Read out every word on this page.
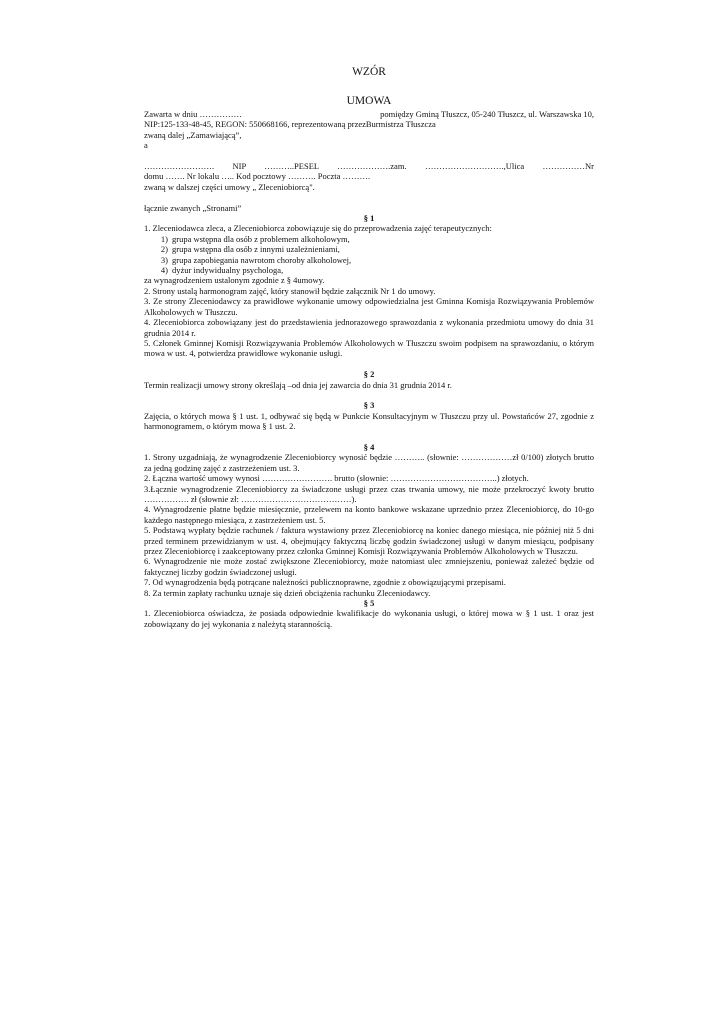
WZÓR
UMOWA
Zawarta w dniu ……………	pomiędzy Gminą Tłuszcz, 05-240 Tłuszcz, ul. Warszawska 10,

NIP:125-133-48-45, REGON: 550668166, reprezentowaną przezBurmistrza Tłuszcza

zwaną dalej „Zamawiającą”,

a

……………………. NIP ………..PESEL ……………….zam. ……………………….,Ulica ……………Nr

domu ……. Nr lokalu ….. Kod pocztowy ………. Poczta ……….

zwaną w dalszej części umowy „ Zleceniobiorcą".

łącznie zwanych „Stronami”

§ 1

1. Zleceniodawca zleca, a Zleceniobiorca zobowiązuje się do przeprowadzenia zajęć terapeutycznych:

1) grupa wstępna dla osób z problemem alkoholowym,
2) grupa wstępna dla osób z innymi uzależnieniami,
3) grupa zapobiegania nawrotom choroby alkoholowej,
4) dyżur indywidualny psychologa,

za wynagrodzeniem ustalonym zgodnie z § 4umowy.

2. Strony ustalą harmonogram zajęć, który stanowił będzie załącznik Nr 1 do umowy.

3. Ze strony Zleceniodawcy za prawidłowe wykonanie umowy odpowiedzialna jest Gminna Komisja Rozwiązywania Problemów Alkoholowych w Tłuszczu.

4. Zleceniobiorca zobowiązany jest do przedstawienia jednorazowego sprawozdania z wykonania przedmiotu umowy do dnia 31 grudnia 2014 r.

5. Członek Gminnej Komisji Rozwiązywania Problemów Alkoholowych w Tłuszczu swoim podpisem na sprawozdaniu, o którym mowa w ust. 4, potwierdza prawidłowe wykonanie usługi.

§ 2

Termin realizacji umowy strony określają –od dnia jej zawarcia do dnia 31 grudnia 2014 r.

§ 3

Zajęcia, o których mowa § 1 ust. 1, odbywać się będą w Punkcie Konsultacyjnym w Tłuszczu przy ul. Powstańców 27, zgodnie z harmonogramem, o którym mowa § 1 ust. 2.

§ 4

1. Strony uzgadniają, że wynagrodzenie Zleceniobiorcy wynosić będzie ……….. (słownie: ………………zł 0/100) złotych brutto za jedną godzinę zajęć z zastrzeżeniem ust. 3.

2. Łączna wartość umowy wynosi ……………………. brutto (słownie: ………………………………..) złotych.

3.Łącznie wynagrodzenie Zleceniobiorcy za świadczone usługi przez czas trwania umowy, nie może przekroczyć kwoty brutto ……………. zł (słownie zł: …………………………………).

4. Wynagrodzenie płatne będzie miesięcznie, przelewem na konto bankowe wskazane uprzednio przez Zleceniobiorcę, do 10-go każdego następnego miesiąca, z zastrzeżeniem ust. 5.

5. Podstawą wypłaty będzie rachunek / faktura wystawiony przez Zleceniobiorcę na koniec danego miesiąca, nie później niż 5 dni przed terminem przewidzianym w ust. 4, obejmujący faktyczną liczbę godzin świadczonej usługi w danym miesiącu, podpisany przez Zleceniobiorcę i zaakceptowany przez członka Gminnej Komisji Rozwiązywania Problemów Alkoholowych w Tłuszczu.

6. Wynagrodzenie nie może zostać zwiększone Zleceniobiorcy, może natomiast ulec zmniejszeniu, ponieważ zależeć będzie od faktycznej liczby godzin świadczonej usługi.

7. Od wynagrodzenia będą potrącane należności publicznoprawne, zgodnie z obowiązującymi przepisami.

8. Za termin zapłaty rachunku uznaje się dzień obciążenia rachunku Zleceniodawcy.

§ 5

1. Zleceniobiorca oświadcza, że posiada odpowiednie kwalifikacje do wykonania usługi, o której mowa w § 1 ust. 1 oraz jest zobowiązany do jej wykonania z należytą starannością.
